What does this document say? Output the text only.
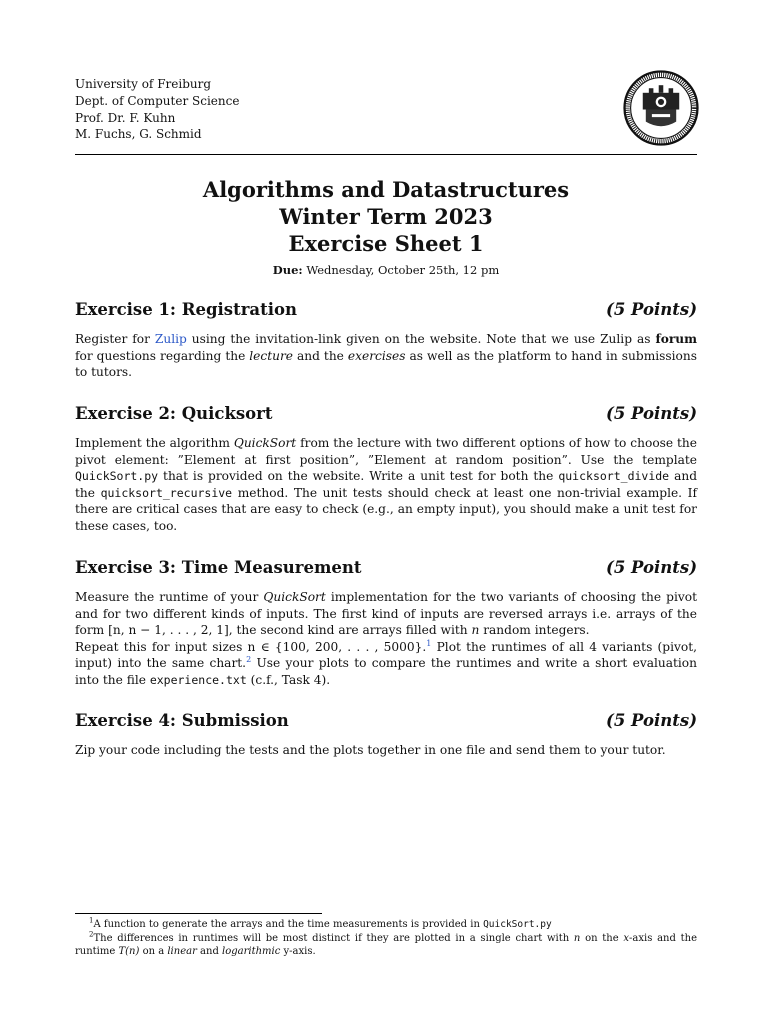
University of Freiburg
Dept. of Computer Science
Prof. Dr. F. Kuhn
M. Fuchs, G. Schmid
Algorithms and Datastructures
Winter Term 2023
Exercise Sheet 1
Due: Wednesday, October 25th, 12 pm
Exercise 1: Registration	(5 Points)
Register for Zulip using the invitation-link given on the website. Note that we use Zulip as forum for questions regarding the lecture and the exercises as well as the platform to hand in submissions to tutors.
Exercise 2: Quicksort	(5 Points)
Implement the algorithm QuickSort from the lecture with two different options of how to choose the pivot element: ”Element at first position”, ”Element at random position”. Use the template QuickSort.py that is provided on the website. Write a unit test for both the quicksort_divide and the quicksort_recursive method. The unit tests should check at least one non-trivial example. If there are critical cases that are easy to check (e.g., an empty input), you should make a unit test for these cases, too.
Exercise 3: Time Measurement	(5 Points)

Measure the runtime of your QuickSort implementation for the two variants of choosing the pivot and for two different kinds of inputs. The first kind of inputs are reversed arrays i.e. arrays of the form [n, n − 1, . . . , 2, 1], the second kind are arrays filled with n random integers.

Repeat this for input sizes n ∈ {100, 200, . . . , 5000}.$^1$ Plot the runtimes of all 4 variants (pivot, input) into the same chart.$^2$ Use your plots to compare the runtimes and write a short evaluation into the file experience.txt (c.f., Task 4).

Exercise 4: Submission	(5 Points)
Zip your code including the tests and the plots together in one file and send them to your tutor.
$^1$A function to generate the arrays and the time measurements is provided in QuickSort.py
$^2$The differences in runtimes will be most distinct if they are plotted in a single chart with n on the x-axis and the runtime T(n) on a linear and logarithmic y-axis.
